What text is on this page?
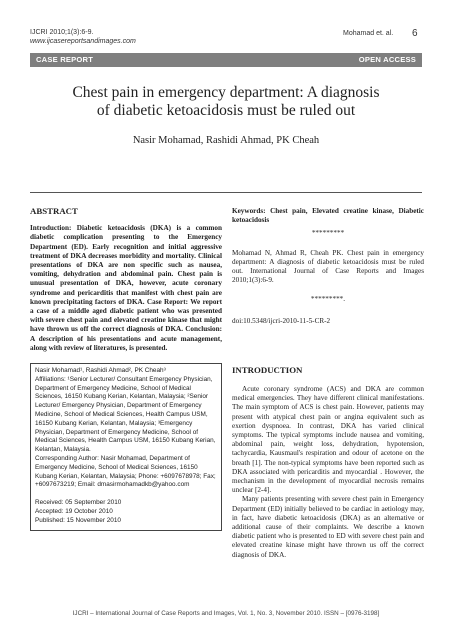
IJCRI 2010;1(3):6-9.
www.ijcasereportsandimages.com
Mohamad et. al. 6
CASE REPORT	OPEN ACCESS
Chest pain in emergency department: A diagnosis
of diabetic ketoacidosis must be ruled out
Nasir Mohamad, Rashidi Ahmad, PK Cheah
ABSTRACT

Introduction: Diabetic ketoacidosis (DKA) is a common diabetic complication presenting to the Emergency Department (ED). Early recognition and initial aggressive treatment of DKA decreases morbidity and mortality. Clinical presentations of DKA are non specific such as nausea, vomiting, dehydration and abdominal pain. Chest pain is unusual presentation of DKA, however, acute coronary syndrome and pericarditis that manifest with chest pain are known precipitating factors of DKA. Case Report: We report a case of a middle aged diabetic patient who was presented with severe chest pain and elevated creatine kinase that might have thrown us off the correct diagnosis of DKA. Conclusion: A description of his presentations and acute management, along with review of literatures, is presented.

Nasir Mohamad¹, Rashidi Ahmad², PK Cheah³

Affiliations: ¹Senior Lecturer/ Consultant Emergency Physician, Department of Emergency Medicine, School of Medical Sciences, 16150 Kubang Kerian, Kelantan, Malaysia; ²Senior Lecturer/ Emergency Physician, Department of Emergency Medicine, School of Medical Sciences, Health Campus USM, 16150 Kubang Kerian, Kelantan, Malaysia; ³Emergency Physician, Department of Emergency Medicine, School of Medical Sciences, Health Campus USM, 16150 Kubang Kerian, Kelantan, Malaysia.

Corresponding Author: Nasir Mohamad, Department of Emergency Medicine, School of Medical Sciences, 16150 Kubang Kerian, Kelantan, Malaysia; Phone: +6097678978; Fax; +6097673219; Email: dmasirmohamadkb@yahoo.com

Received: 05 September 2010

Accepted: 19 October 2010

Published: 15 November 2010

Keywords: Chest pain, Elevated creatine kinase, Diabetic ketoacidosis

*********

Mohamad N, Ahmad R, Cheah PK. Chest pain in emergency department: A diagnosis of diabetic ketoacidosis must be ruled out. International Journal of Case Reports and Images 2010;1(3):6-9.

*********.

doi:10.5348/ijcri-2010-11-5-CR-2

INTRODUCTION

Acute coronary syndrome (ACS) and DKA are common medical emergencies. They have different clinical manifestations. The main symptom of ACS is chest pain. However, patients may present with atypical chest pain or angina equivalent such as exertion dyspnoea. In contrast, DKA has varied clinical symptoms. The typical symptoms include nausea and vomiting, abdominal pain, weight loss, dehydration, hypotension, tachycardia, Kausmaul's respiration and odour of acetone on the breath [1]. The non-typical symptoms have been reported such as DKA associated with pericarditis and myocardial . However, the mechanism in the development of myocardial necrosis remains unclear [2-4].

Many patients presenting with severe chest pain in Emergency Department (ED) initially believed to be cardiac in aetiology may, in fact, have diabetic ketoacidosis (DKA) as an alternative or additional cause of their complaints. We describe a known diabetic patient who is presented to ED with severe chest pain and elevated creatine kinase might have thrown us off the correct diagnosis of DKA.

IJCRI – International Journal of Case Reports and Images, Vol. 1, No. 3, November 2010. ISSN – [0976-3198]
